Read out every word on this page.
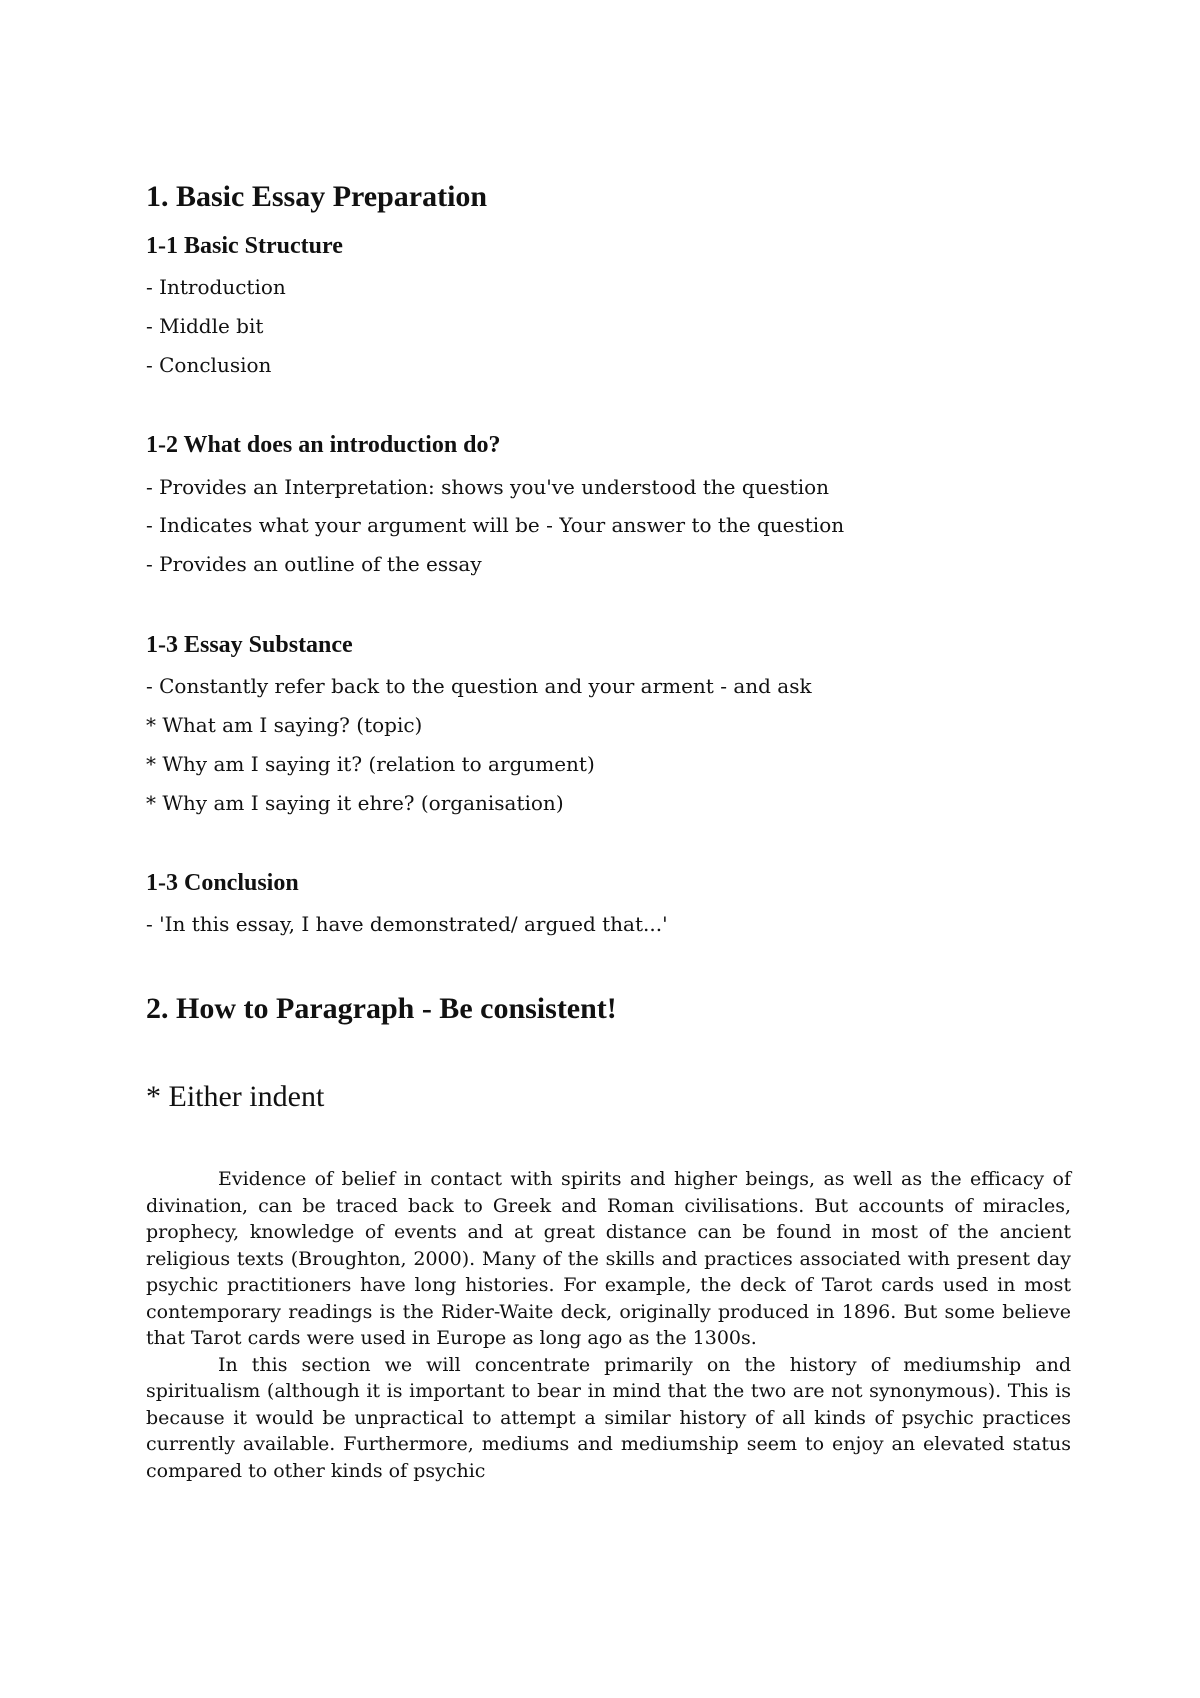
1. Basic Essay Preparation
1-1 Basic Structure
- Introduction
- Middle bit
- Conclusion
1-2 What does an introduction do?
- Provides an Interpretation: shows you've understood the question
- Indicates what your argument will be - Your answer to the question
- Provides an outline of the essay
1-3 Essay Substance
- Constantly refer back to the question and your arment - and ask
* What am I saying? (topic)
* Why am I saying it? (relation to argument)
* Why am I saying it ehre? (organisation)
1-3 Conclusion
- 'In this essay, I have demonstrated/ argued that...'
2. How to Paragraph - Be consistent!
* Either indent

Evidence of belief in contact with spirits and higher beings, as well as the efficacy of divination, can be traced back to Greek and Roman civilisations. But accounts of miracles, prophecy, knowledge of events and at great distance can be found in most of the ancient religious texts (Broughton, 2000). Many of the skills and practices associated with present day psychic practitioners have long histories. For example, the deck of Tarot cards used in most contemporary readings is the Rider-Waite deck, originally produced in 1896. But some believe that Tarot cards were used in Europe as long ago as the 1300s.

In this section we will concentrate primarily on the history of mediumship and spiritualism (although it is important to bear in mind that the two are not synonymous). This is because it would be unpractical to attempt a similar history of all kinds of psychic practices currently available. Furthermore, mediums and mediumship seem to enjoy an elevated status compared to other kinds of psychic
